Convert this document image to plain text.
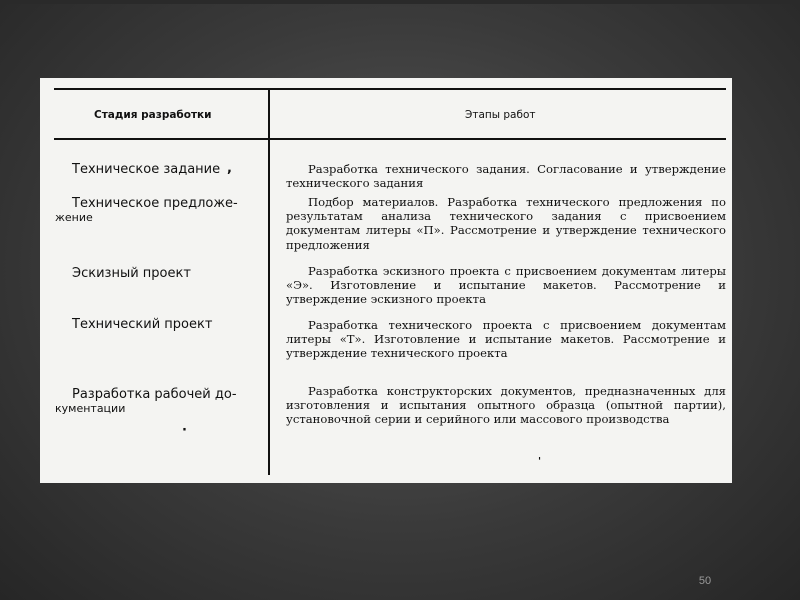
Стадия разработки	Этапы работ
Техническое задание ,
Техническое предложе-
жение
Эскизный проект
Технический проект
Разработка рабочей до-
кументации
·
Разработка технического задания. Согласование и утверждение технического задания
Подбор материалов. Разработка технического предложения по результатам анализа технического задания с присвоением документам литеры «П». Рассмотрение и утверждение технического предложения
Разработка эскизного проекта с присвоением документам литеры «Э». Изготовление и испытание макетов. Рассмотрение и утверждение эскизного проекта
Разработка технического проекта с присвоением документам литеры «Т». Изготовление и испытание макетов. Рассмотрение и утверждение технического проекта
Разработка конструкторских документов, предназначенных для изготовления и испытания опытного образца (опытной партии), установочной серии и серийного или массового производства
'
50
